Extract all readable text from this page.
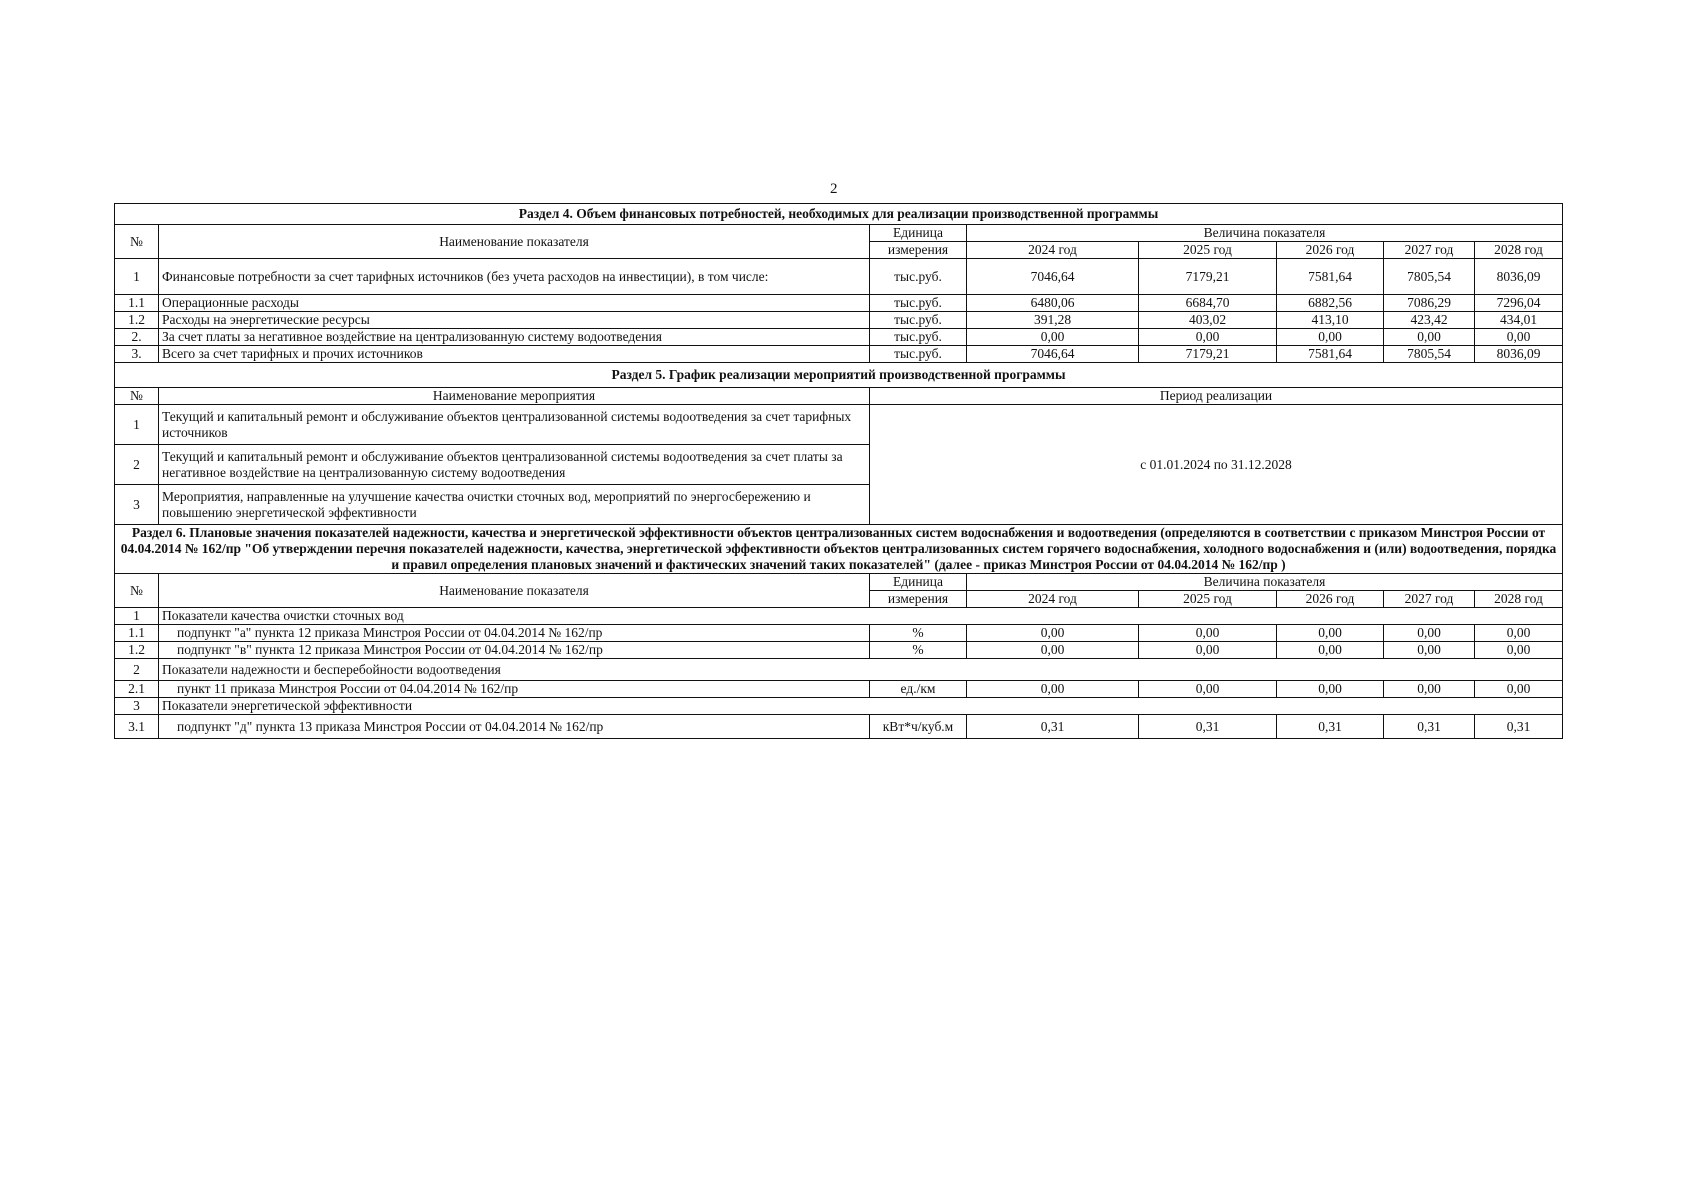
2
Раздел 4. Объем финансовых потребностей, необходимых для реализации производственной программы							
№	Наименование показателя	Единица	Величина показателя				
		измерения	2024 год	2025 год	2026 год	2027 год	2028 год
1	Финансовые потребности за счет тарифных источников (без учета расходов на инвестиции), в том числе:	тыс.руб.	7046,64	7179,21	7581,64	7805,54	8036,09
1.1	Операционные расходы	тыс.руб.	6480,06	6684,70	6882,56	7086,29	7296,04
1.2	Расходы на энергетические ресурсы	тыс.руб.	391,28	403,02	413,10	423,42	434,01
2.	За счет платы за негативное воздействие на централизованную систему водоотведения	тыс.руб.	0,00	0,00	0,00	0,00	0,00
3.	Всего за счет тарифных и прочих источников	тыс.руб.	7046,64	7179,21	7581,64	7805,54	8036,09
Раздел 5. График реализации мероприятий производственной программы							
№	Наименование мероприятия	Период реализации					
1	Текущий и капитальный ремонт и обслуживание объектов централизованной системы водоотведения за счет тарифных источников	с 01.01.2024 по 31.12.2028					
2	Текущий и капитальный ремонт и обслуживание объектов централизованной системы водоотведения за счет платы за негативное воздействие на централизованную систему водоотведения						
3	Мероприятия, направленные на улучшение качества очистки сточных вод, мероприятий по энергосбережению и повышению энергетической эффективности						
Раздел 6. Плановые значения показателей надежности, качества и энергетической эффективности объектов централизованных систем водоснабжения и водоотведения (определяются в соответствии с приказом Минстроя России от 04.04.2014 № 162/пр "Об утверждении перечня показателей надежности, качества, энергетической эффективности объектов централизованных систем горячего водоснабжения, холодного водоснабжения и (или) водоотведения, порядка и правил определения плановых значений и фактических значений таких показателей" (далее - приказ Минстроя России от 04.04.2014 № 162/пр )							
№	Наименование показателя	Единица	Величина показателя				
		измерения	2024 год	2025 год	2026 год	2027 год	2028 год
1	Показатели качества очистки сточных вод						
1.1	подпункт "а" пункта 12 приказа Минстроя России от 04.04.2014 № 162/пр	%	0,00	0,00	0,00	0,00	0,00
1.2	подпункт "в" пункта 12 приказа Минстроя России от 04.04.2014 № 162/пр	%	0,00	0,00	0,00	0,00	0,00
2	Показатели надежности и бесперебойности водоотведения						
2.1	пункт 11 приказа Минстроя России от 04.04.2014 № 162/пр	ед./км	0,00	0,00	0,00	0,00	0,00
3	Показатели энергетической эффективности						
3.1	подпункт "д" пункта 13 приказа Минстроя России от 04.04.2014 № 162/пр	кВт*ч/куб.м	0,31	0,31	0,31	0,31	0,31
